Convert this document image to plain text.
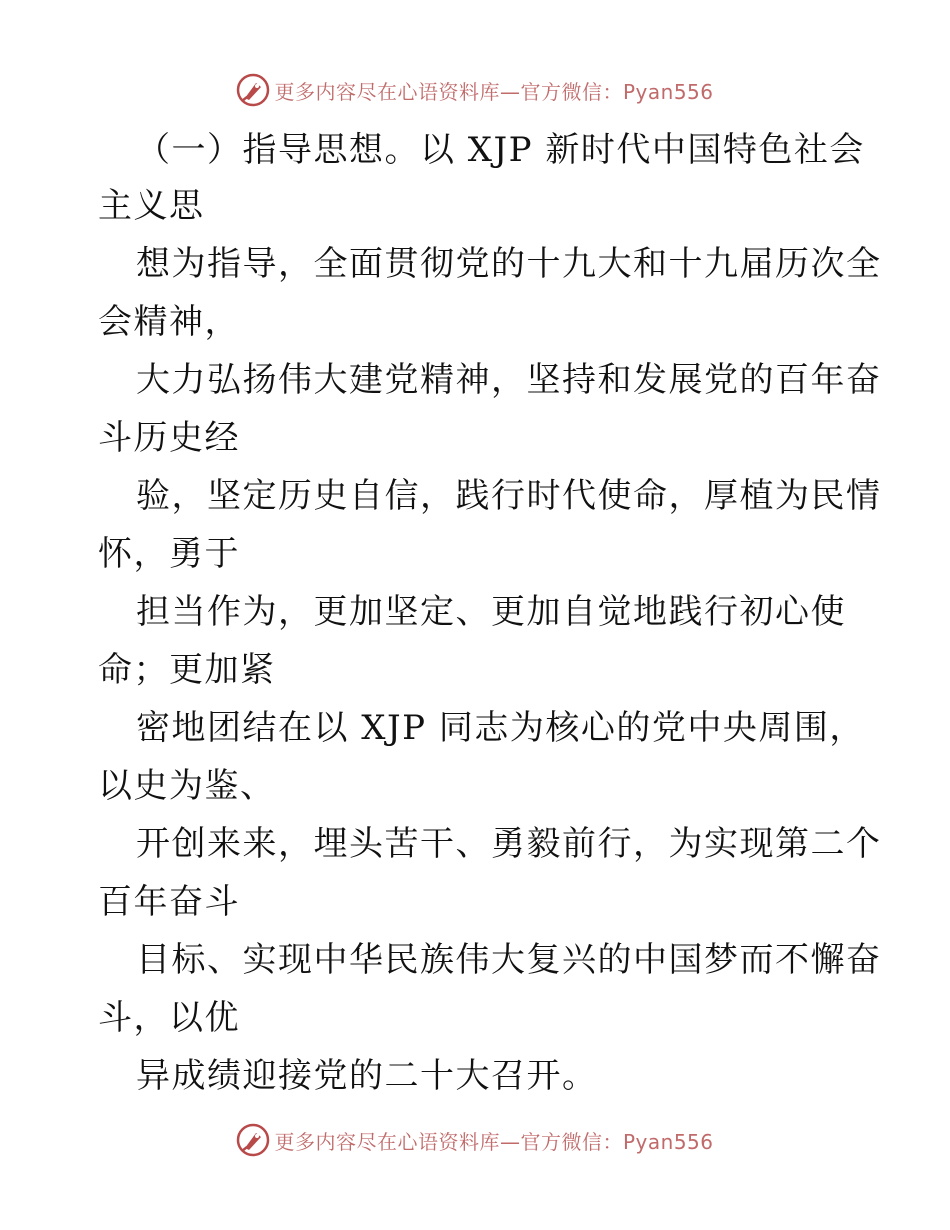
更多内容尽在心语资料库—官方微信：Pyan556
（一）指导思想。以 XJP 新时代中国特色社会
主义思
想为指导，全面贯彻党的十九大和十九届历次全
会精神，
大力弘扬伟大建党精神，坚持和发展党的百年奋
斗历史经
验，坚定历史自信，践行时代使命，厚植为民情
怀，勇于
担当作为，更加坚定、更加自觉地践行初心使
命；更加紧
密地团结在以 XJP 同志为核心的党中央周围，
以史为鉴、
开创来来，埋头苦干、勇毅前行，为实现第二个
百年奋斗
目标、实现中华民族伟大复兴的中国梦而不懈奋
斗，以优
异成绩迎接党的二十大召开。
更多内容尽在心语资料库—官方微信：Pyan556
